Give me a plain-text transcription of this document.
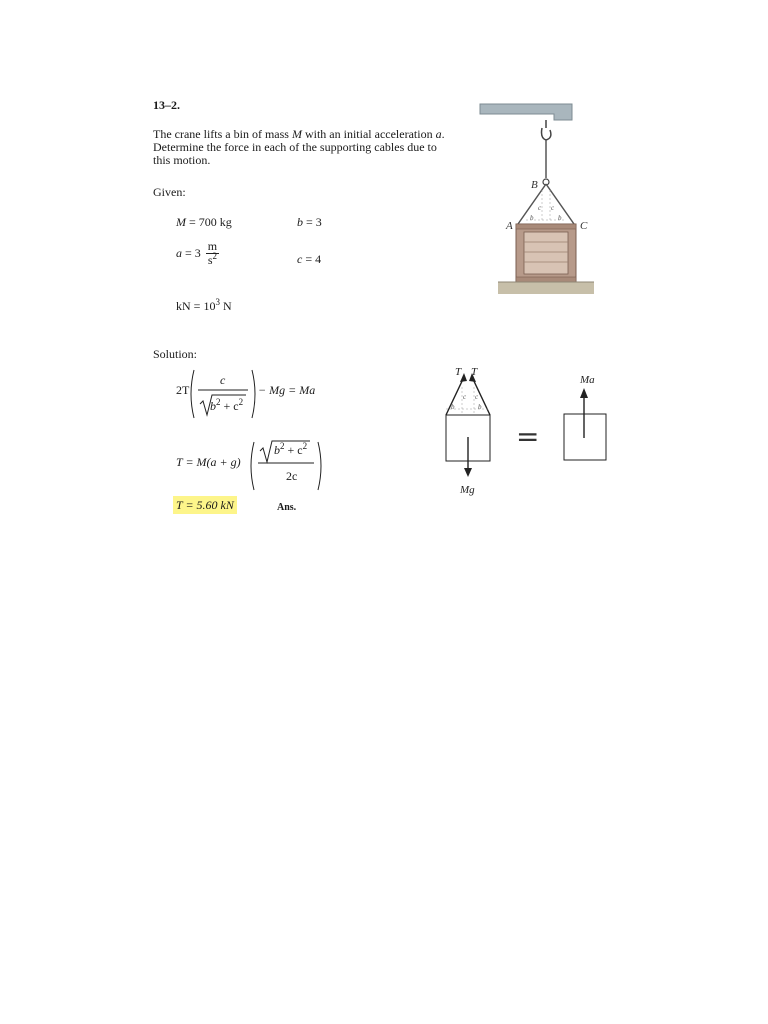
13–2.
The crane lifts a bin of mass M with an initial acceleration a.
Determine the force in each of the supporting cables due to
this motion.
Given:
M = 700 kg
$a = 3 \frac{m}{s^2}$
b = 3
c = 4
kN = $10^3$ N
Solution:
2T
c
$b^2 + c^2$
− Mg = Ma
T = M(a + g)
$b^2 + c^2$
2c
T = 5.60 kN	Ans.
B
A	C
b	b
c c
T T
b	b
c c
Mg
=
Ma
